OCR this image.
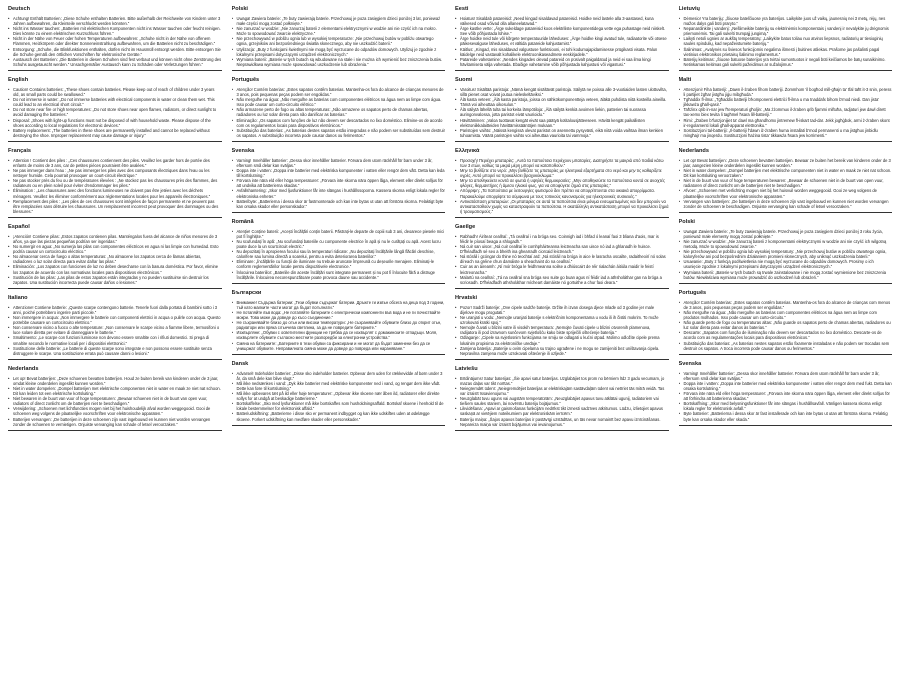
Deutsch
• Achtung! Enthält Batterien: „Diese Schuhe enthalten Batterien. Bitte außerhalb der Reichweite von Kindern unter 3 Jahren aufbewahren, da Kleinteile verschluckt werden könnten.“
• Nicht ins Wasser tauchen: „Batterien mit elektrischen Komponenten nicht ins Wasser tauchen oder feucht reinigen. Dies könnte zu einem elektrischen Kurzschluss führen.“
• Nicht in der Nähe von Feuer oder hohen Temperaturen aufbewahren: „Schuhe nicht in der Nähe von offenem Flammen, Heizkörpern oder direkter Sonneneinstrahlung aufbewahren, um die Batterien nicht zu beschädigen.“
• Entsorgung: „Schuhe, die Blinkfunktionen enthalten, dürfen nicht im Hausmüll entsorgt werden. Bitte entsorgen Sie die Schuhe gemäß den örtlichen Vorschriften für elektronische Geräte.“
• Austausch der Batterien: „Die Batterien in diesen Schuhen sind fest verbaut und können nicht ohne Zerstörung des Schuhs ausgetauscht werden.“ Unsachgemäßer Austausch kann zu Schäden oder Verletzungen führen.“
English
• Caution! Contains batteries: „These shoes contain batteries. Please keep out of reach of children under 3 years old, as small parts could be swallowed.“
• Do not immerse in water: „Do not immerse batteries with electrical components in water or clean them wet. This could lead to an electrical short circuit.“
• Do not store near fire or high temperatures: „Do not store shoes near open flames, radiators, or direct sunlight to avoid damaging the batteries.“
• Disposal: „Shoes with light-up functions must not be disposed of with household waste. Please dispose of the shoes according to local regulations for electronic devices.“
• Battery replacement: „The batteries in these shoes are permanently installed and cannot be replaced without destroying the shoe. Improper replacement may cause damage or injury.“
Français
• Attention ! Contient des piles : „Ces chaussures contiennent des piles. Veuillez les garder hors de portée des enfants de moins de 3 ans, car de petites pièces pourraient être avalées.“
• Ne pas immerger dans l'eau : „Ne pas immerger les piles avec des composants électriques dans l'eau ou les nettoyer humide. Cela pourrait provoquer un court-circuit électrique.“
• Ne pas stocker près du feu ou de températures élevées : „Ne stockez pas les chaussures près des flammes, des radiateurs ou en plein soleil pour éviter d'endommager les piles.“
• Élimination : „Les chaussures avec des fonctions lumineuses ne doivent pas être jetées avec les déchets ménagers. Veuillez les éliminer conformément aux réglementations locales pour les appareils électroniques.“
• Remplacement des piles : „Les piles de ces chaussures sont intégrées de façon permanente et ne peuvent pas être remplacées sans détruire les chaussures. Un remplacement incorrect peut provoquer des dommages ou des blessures.“
Español
• ¡Atención! Contiene pilas: „Estos zapatos contienen pilas. Manténgalos fuera del alcance de niños menores de 3 años, ya que las piezas pequeñas podrían ser ingeridas.“
• No sumergir en agua: „No sumerja las pilas con componentes eléctricos en agua ni las limpie con humedad. Esto podría causar un cortocircuito eléctrico.“
• No almacenar cerca de fuego o altas temperaturas: „No almacene los zapatos cerca de llamas abiertas, radiadores o luz solar directa para evitar dañar las pilas.“
• Eliminación: „Los zapatos con funciones de luz no deben desecharse con la basura doméstica. Por favor, elimine los zapatos de acuerdo con las normativas locales para dispositivos electrónicos.“
• Sustitución de las pilas: „Las pilas de estos zapatos están integradas y no pueden sustituirse sin destruir los zapatos. Una sustitución incorrecta puede causar daños o lesiones.“
Italiano
• Attenzione! Contiene batterie: „Queste scarpe contengono batterie. Tenerle fuori dalla portata di bambini sotto i 3 anni, poiché potrebbero ingerire parti piccole.“
• Non immergere in acqua: „Non immergere le batterie con componenti elettrici in acqua o pulirle con acqua. Questo potrebbe causare un cortocircuito elettrico.“
• Non conservare vicino a fuoco o alte temperature: „Non conservare le scarpe vicino a fiamme libere, termosifoni o luce solare diretta per evitare di danneggiare le batterie.“
• Smaltimento: „Le scarpe con funzioni luminose non devono essere smaltite con i rifiuti domestici. Si prega di smaltire secondo le normative locali per i dispositivi elettronici.“
• Sostituzione delle batterie: „Le batterie di queste scarpe sono integrate e non possono essere sostituite senza distruggere le scarpe. Una sostituzione errata può causare danni o lesioni.“
Nederlands
• Let op! Bevat batterijen: „Deze schoenen bevatten batterijen. Houd ze buiten bereik van kinderen onder de 3 jaar, omdat kleine onderdelen ingeslikt kunnen worden.“
• Niet in water dompelen: „Dompel batterijen met elektrische componenten niet in water en maak ze niet nat schoon. Dit kan leiden tot een elektrische kortsluiting.“
• Niet bewaren in de buurt van vuur of hoge temperaturen: „Bewaar schoenen niet in de buurt van open vuur, radiators of direct zonlicht om de batterijen niet te beschadigen.“
• Verwijdering: „Schoenen met lichtfuncties mogen niet bij het huishoudelijk afval worden weggegooid. Gooi de schoenen weg volgens de plaatselijke voorschriften voor elektronische apparaten.“
• Batterijen vervangen: „De batterijen in deze schoenen zijn vast ingebouwd en kunnen niet worden vervangen zonder de schoenen te vernietigen. Onjuiste vervanging kan schade of letsel veroorzaken.“
Polski
• Uwaga! Zawiera baterie: „Te buty zawierają baterie. Przechowuj je poza zasięgiem dzieci poniżej 3 lat, ponieważ małe części mogą zostać połknięte.“
• Nie zanurzać w wodzie: „Nie zanurzaj baterii z elementami elektrycznymi w wodzie ani nie czyść ich na mokro. Może to spowodować zwarcie elektryczne.“
• Nie przechowywać w pobliżu ognia lub w wysokiej temperaturze: „Nie przechowuj butów w pobliżu otwartego ognia, grzejników ani bezpośredniego światła słonecznego, aby nie uszkodzić baterii.“
• Utylizacja: „Buty z funkcjami świetlnymi nie mogą być wyrzucane do odpadów domowych. Utylizuj je zgodnie z lokalnymi przepisami dotyczącymi urządzeń elektronicznych.“
• Wymiana baterii: „Baterie w tych butach są wbudowane na stałe i nie można ich wymienić bez zniszczenia butów. Nieprawidłowa wymiana może spowodować uszkodzenie lub obrażenia.“
Português
• Atenção! Contém baterias: „Estes sapatos contêm baterias. Mantenha-os fora do alcance de crianças menores de 3 anos, pois pequenas peças podem ser engolidas.“
• Não mergulhe na água: „Não mergulhe as baterias com componentes elétricos na água nem as limpe com água. Isso pode causar um curto-circuito elétrico.“
• Não armazene perto de fogo ou altas temperaturas: „Não armazene os sapatos perto de chamas abertas, radiadores ou luz solar direta para não danificar as baterias.“
• Eliminação: „Os sapatos com funções de luz não devem ser descartados no lixo doméstico. Elimine-os de acordo com os regulamentos locais para dispositivos eletrónicos.“
• Substituição das baterias: „As baterias destes sapatos estão integradas e não podem ser substituídas sem destruir os sapatos. A substituição incorreta pode causar danos ou ferimentos.“
Svenska
• Varning! Innehåller batterier: „Dessa skor innehåller batterier. Förvara dem utom räckhåll för barn under 3 år, eftersom små delar kan sväljas.“
• Doppa inte i vatten: „Doppa inte batterier med elektriska komponenter i vatten eller rengör dem vått. Detta kan leda till kortslutning.“
• Förvara inte nära eld eller höga temperaturer: „Förvara inte skorna nära öppen låga, element eller direkt solljus för att undvika att batterierna skadas.“
• Avfallshantering: „Skor med ljusfunktioner får inte slängas i hushållssoporna. Kassera skorna enligt lokala regler för elektroniska enheter.“
• Batteribyte: „Batterierna i dessa skor är fastmonterade och kan inte bytas ut utan att förstöra skorna. Felaktigt byte kan orsaka skador eller personskador.“
Română
• Atenție! Conține baterii: „Acești încălțări conțin baterii. Păstrați-le departe de copiii sub 3 ani, deoarece piesele mici pot fi înghițite.“
• Nu scufundați în apă: „Nu scufundați bateriile cu componente electrice în apă și nu le curățați cu apă. Acest lucru poate duce la un scurtcircuit electric.“
• Nu depozitați în apropierea focului sau la temperaturi ridicate: „Nu depozitați încălțările lângă flăcări deschise, calorifere sau lumina directă a soarelui, pentru a evita deteriorarea bateriilor.“
• Eliminare: „Încălțările cu funcții de iluminare nu trebuie aruncate împreună cu deșeurile menajere. Eliminați-le conform reglementărilor locale pentru dispozitivele electronice.“
• Înlocuirea bateriilor: „Bateriile din aceste încălțări sunt integrate permanent și nu pot fi înlocuite fără a distruge încălțările. Înlocuirea necorespunzătoare poate provoca daune sau accidente.“
Български
• Внимание! Съдържа батерии: „Тези обувки съдържат батерии. Дръжте ги извън обсега на деца под 3 години, тъй като малките части могат да бъдат погълнати.“
• Не потапяйте във вода: „Не потапяйте батериите с електрически компоненти във вода и не ги почиствайте мокри. Това може да доведе до късо съединение.“
• Не съхранявайте близо до огън или високи температури: „Не съхранявайте обувките близо до открит огън, радиатори или пряка слънчева светлина, за да не повредите батериите.“
• Изхвърляне: „Обувки с осветителни функции не трябва да се изхвърлят с домакинските отпадъци. Моля, изхвърлете обувките съгласно местните разпоредби за електронни устройства.“
• Смяна на батериите: „Батериите в тези обувки са фиксирани и не могат да бъдат заменени без да се унищожат обувките. Неправилната смяна може да доведе до повреда или нараняване.“
Dansk
• Advarsel! Indeholder batterier: „Disse sko indeholder batterier. Opbevar dem uden for rækkevidde af børn under 3 år, da små dele kan blive slugt.“
• Må ikke nedsænkes i vand: „Dyk ikke batterier med elektriske komponenter ned i vand, og rengør dem ikke vådt. Dette kan føre til kortslutning.“
• Må ikke opbevares tæt på ild eller høje temperaturer: „Opbevar ikke skoene nær åben ild, radiatorer eller direkte sollys for at undgå at beskadige batterierne.“
• Bortskaffelse: „Sko med lysfunktioner må ikke bortskaffes som husholdningsaffald. Bortskaf skoene i henhold til de lokale bestemmelser for elektronisk affald.“
• Batteriudskiftning: „Batterierne i disse sko er permanent indbygget og kan ikke udskiftes uden at ødelægge skoene. Forkert udskiftning kan medføre skader eller personskader.“
Eesti
• Hoiatus! Sisaldab patareisid: „Need kingad sisaldavad patareisid. Hoidke neid lastele alla 3-aastased, kuna väikesed osad võivad olla allaneelatavad.“
• Ärge kastke vette: „Ärge sukeldage patareisid koos elektriliste komponentidega vette ega puhastage neid niiskelt. See võib põhjustada lühise.“
• Ärge hoidke neid tule või kõrgete temperatuuride läheduses: „Ärge hoidke kingi avatud tule, radiaatorite või otsese päikesevalguse läheduses, et vältida patareide kahjustamist.“
• Käitlus: „Kingad, mis sisaldavad valgustuse funktsiooni, ei tohi kodumajapidamisesse prügikasti visata. Palun käidelge neid vastavalt kohalikele elektroonikaseadmete eeskirjadele.“
• Patareide vahetamine: „Nendes kingades olevad patareid on püsivalt paigaldatud ja neid ei saa ilma kingi hävitamiseta välja vahetada. Ebaõige vahetamine võib põhjustada kahjustusi või vigastusi.“
Suomi
• Varoitus! Sisältää paristoja: „Nämä kengät sisältävät paristoja. Säilytä ne poissa alle 3-vuotiaiden lasten ulottuvilta, sillä pienet osat voivat joutua nieleskeltäviksi.“
• Älä kasta veteen: „Älä kasta paristoja, joissa on sähkökomponentteja veteen, äläkä puhdista niitä kosteilla aineilla. Tämä voi aiheuttaa oikosulun.“
• Älä säilytä lähellä tulta tai korkeita lämpötiloja: „Älä säilytä kenkiä avoimen liekin, patterien tai suorassa auringonvalossa, jotta paristot eivät vaurioidu.“
• Hävittäminen: „Valoa tuottavat kengät eivät saa päätyä kotitalousjätteeseen. Hävitä kengät paikallisten elektroniikkalaitteiden hävittämissääntöjen mukaan.“
• Paristojen vaihto: „Näissä kengissä olevat paristot on asennettu pysyvästi, eikä niitä voida vaihtaa ilman kenkien tuhoamista. Väärä paristojen vaihto voi aiheuttaa vaurioita tai vammoja.“
Ελληνικά
• Προσοχή! Περιέχει μπαταρίες: „Αυτά τα παπούτσια περιέχουν μπαταρίες. Διατηρήστε τα μακριά από παιδιά κάτω των 3 ετών, καθώς τα μικρά μέρη μπορεί να καταποθούν.“
• Μην τα βυθίζετε στο νερό: „Μην βυθίζετε τις μπαταρίες με ηλεκτρικά εξαρτήματα στο νερό και μην τις καθαρίζετε υγρές. Αυτό μπορεί να προκαλέσει βραχυκύκλωμα.“
• Μην τα αποθηκεύετε κοντά σε φωτιά ή υψηλές θερμοκρασίες: „Μην αποθηκεύετε τα παπούτσια κοντά σε ανοιχτές φλόγες, θερμαντήρες ή άμεσο ηλιακό φως, για να αποφύγετε ζημιά στις μπαταρίες.“
• Απόρριψη: „Τα παπούτσια με λειτουργίες φωτισμού δεν πρέπει να απορρίπτονται στα οικιακά απορρίμματα. Παρακαλούμε απορρίψτε τα σύμφωνα με τους τοπικούς κανονισμούς για ηλεκτρονικές συσκευές.“
• Αντικατάσταση μπαταριών: „Οι μπαταρίες σε αυτά τα παπούτσια είναι μόνιμα ενσωματωμένες και δεν μπορούν να αντικατασταθούν χωρίς να καταστραφούν τα παπούτσια. Η ακατάλληλη αντικατάσταση μπορεί να προκαλέσει ζημιά ή τραυματισμούς.“
Gaeilge
• Rabhadh! Áirítear ceallraí: „Tá ceallraí i na bróga seo. Coinnigh iad i bhfad ó leanaí faoi 3 bliana d'aois, mar is féidir le píosaí beaga a shlogadh.“
• Ná cuir san uisce: „Ná cuir ceallraí le comhpháirteanna leictreacha san uisce nó iad a ghlanadh le huisce. D'fhéadfadh sé seo a bheith ina ghearradh ciorcaid leictreach.“
• Ná stóráil i gcóngar do thine nó teochtaí ard: „Ná stóráil na bróga in aice le lasracha oscailte, radaitheoirí nó solas díreach na gréine chun damáiste a sheachaint do na ceallraí.“
• Cuir as an áireamh: „Ní mór bróga le feidhmeanna soilse a dhiúscairt de réir rialachán áitiúla maidir le feistí leictreonacha.“
• Malartú na ceallraí: „Tá na ceallraí sna bróga seo suite go buan agus ní féidir iad a athsholáthar gan na bróga a scriosadh. D'fhéadfadh athsholáthar mícheart damáiste nó gortuithe a chur faoi deara.“
Hrvatski
• Pozor! Sadrži baterije: „Ove cipele sadrže baterije. Držite ih izvan dosega djece mlađe od 3 godine jer male dijelove mogu progutati.“
• Ne uranjati u vodu: „Nemojte uranjati baterije s električnim komponentama u vodu ili ih čistiti mokrim. To može uzrokovati kratki spoj.“
• Nemojte čuvati u blizini vatre ili visokih temperatura: „Nemojte čuvati cipele u blizini otvorenih plamenova, radijatora ili pod izravnom sunčevom svjetlošću kako biste spriječili oštećenje baterija.“
• Odlaganje: „Cipele sa svjetlosnim funkcijama ne smiju se odlagati u kućni otpad. Molimo odložite cipele prema lokalnim propisima za elektroničke uređaje.“
• Zamjena baterija: „Baterije u ovim cipelama su trajno ugrađene i ne mogu se zamijeniti bez uništavanja cipela. Nepravilna zamjena može uzrokovati oštećenje ili ozljede.“
Latviešu
• Brīdinājums! Satur baterijas: „Šie apavi satur baterijas. Uzglabājiet tos prom no bērniem līdz 3 gadu vecumam, jo mazas daļas var tikt norītas.“
• Neiegremdēt ūdenī: „Neiegremdējiet baterijas ar elektriskajām sastāvdaļām ūdenī vai netīriet tās mitrā veidā. Tas var izraisīt īssavienojumu.“
• Neuzglabāt tuvu uguns vai augstām temperatūrām: „Neuzglabājiet apavus tuvu atklātai ugunij, radiatoriem vai tiešiem saules stariem, lai novērstu bateriju bojājumus.“
• Likvidēšana: „Apavi ar gaismošanas funkcijām nedrīkst tikt izmesti sadzīves atkritumos. Lūdzu, izlietojiet apavus saskaņā ar vietējiem noteikumiem par elektroniskām ierīcēm.“
• Bateriju maiņa: „Šajos apavos baterijas ir pastāvīgi uzstādītas, un tās nevar nomainīt bez apavu iznīcināšanas. Nepareiza maiņa var izraisīt bojājumus vai ievainojumus.“
Lietuvių
• Dėmesio! Yra baterijų: „Šiuose batelčiuose yra baterijos. Laikykite juos už vaikų, jaunesnių nei 3 metų, rėjų, nes mažos dalys gali būti praryto.“
• Nepanardinkite į vandenį: „Nešlimeikite baterijų su elektrinėmis komponentais į vandenį ir nevalykite jų drėgnomis priemonėmis. Tai gali sukelti trumpąjį jungimą.“
• Laikyti netoli ugnies ar aukštų temperatūrų: „Laikykite batus toliau nuo atviros liepsnos, radiatorių ar tiesioginių saulės spindulių, kad nepažeistumėte baterijų.“
• Šalinimas: „Avalynės su šviesos funkcijomis negalima išmesti į buitines atliekas. Prašome jas pašalinti pagal vietinius elektronikos prietaisų šalinimo reglamentus.“
• Baterijų keitimas: „Šiuose batuose baterijos yra tvirtai sumontuotos ir negali būti keičiamos be batų sunaikinimo. Netinkamas keitimas gali sukelti pažeidimus ar sužalojimus.“
Malti
• Attenzjoni! Fiha batteriji: „Dawn il-żraben fihom batteriji. Żommhom 'il bogħod mill-għajn ta' tfal taħt it-3 snin, peress li partijiet żgħar jistgħu jiġu mibgħuda.“
• Tgħaddix fl-ilma: „Tgħaddix batteriji b'komponenti elettriċi fl-ilma u ma tnaddafx bihom b'mod niedi. Dan jista' jikkawża għall-qasir.“
• Taħżinx qrib in-nar jew f'temperaturi għoljin: „Ma żżommux il-żraben qrib fjammi miftuħa, radjaturi jew dawl dirett tax-xemx biex tevita li tagħmel ħsara lill-batteriji.“
• Rimi: „Żraben b'funzjonijiet ta' dawl ma għandhomx jintremew fl-iskart tad-dar. Jekk jogħġbok, armi ż-żraben skont ir-regolamenti lokali għall-apparat elettroniku.“
• Sostituzzjoni tal-batteriji: „Il-batteriji f'dawn iż-żraben huma installati b'mod permanenti u ma jistgħux jinbidlu mingħajr ma jinqerdu. Sostituzzjoni ħażina tista' tikkawża ħsara jew korrimenti.“
Nederlands
• Let op! Bevat batterijen: „Deze schoenen bevatten batterijen. Bewaar ze buiten het bereik van kinderen onder de 3 jaar, aangezien kleine onderdelen ingeslikt kunnen worden.“
• Niet in water dompelen: „Dompel batterijen met elektrische componenten niet in water en maak ze niet nat schoon. Dit kan kortsluiting veroorzaken.“
• Niet in de buurt van vuur of hoge temperaturen bewaren: „Bewaar de schoenen niet in de buurt van open vuur, radiatoren of direct zonlicht om de batterijen niet te beschadigen.“
• Afvoer: „Schoenen met verlichting mogen niet bij het huisvuil worden weggegooid. Gooi ze weg volgens de plaatselijke voorschriften voor elektronische apparaten.“
• Vervangen van batterijen: „De batterijen in deze schoenen zijn vast ingebouwd en kunnen niet worden vervangen zonder de schoenen te beschadigen. Onjuiste vervanging kan schade of letsel veroorzaken.“
Polski
• Uwaga! Zawiera baterie: „Te buty zawierają baterie. Przechowuj je poza zasięgiem dzieci poniżej 3 roku życia, ponieważ małe elementy mogą zostać połknięte.“
• Nie zanurzać w wodzie: „Nie zanurzaj baterii z komponentami elektrycznymi w wodzie ani nie czyść ich wilgotną metodą. Może to spowodować zwarcie.“
• Nie przechowywać w pobliżu ognia lub wysokiej temperatury: „Nie przechowuj butów w pobliżu otwartego ognia, kaloryferów ani pod bezpośrednim działaniem promieni słonecznych, aby uniknąć uszkodzenia baterii.“
• Usuwanie: „Buty z funkcją podświetlenia nie mogą być wyrzucane do odpadów domowych. Prosimy o ich usunięcie zgodnie z lokalnymi przepisami dotyczącymi urządzeń elektronicznych.“
• Wymiana baterii: „Baterie w tych butach są trwale zainstalowane i nie mogą zostać wymienione bez zniszczenia butów. Niewłaściwa wymiana może prowadzić do uszkodzeń lub obrażeń.“
Português
• Atenção! Contém baterias: „Estes sapatos contêm baterias. Mantenha-os fora do alcance de crianças com menos de 3 anos, pois pequenas peças podem ser engolidas.“
• Não mergulhe na água: „Não mergulhe as baterias com componentes elétricos na água nem as limpe com produtos molhados. Isso pode causar um curto-circuito.“
• Não guarde perto de fogo ou temperaturas altas: „Não guarde os sapatos perto de chamas abertas, radiadores ou luz solar direta para evitar danos às baterias.“
• Descarte: „Sapatos com função de iluminação não devem ser descartados no lixo doméstico. Descarte-os de acordo com as regulamentações locais para dispositivos eletrónicos.“
• Substituição das baterias: „As baterias nestes sapatos estão fixamente instaladas e não podem ser trocadas sem destruir os sapatos. A troca incorreta pode causar danos ou ferimentos.“
Svenska
• Varning! Innehåller batterier: „Dessa skor innehåller batterier. Förvara dem utom räckhåll för barn under 3 år, eftersom små delar kan sväljas.“
• Doppa inte i vatten: „Doppa inte batterier med elektriska komponenter i vatten eller rengör dem med fukt. Detta kan orsaka kortslutning.“
• Förvara inte nära eld eller höga temperaturer: „Förvara inte skorna nära öppen låga, element eller direkt solljus för att förhindra att batterierna skadas.“
• Bortskaffning: „Skor med belysningsfunktioner får inte slängas i hushållsavfall. Vänligen kassera skorna enligt lokala regler för elektronisk avfall.“
• Byte batterier: „Batterierna i dessa skor är fast installerade och kan inte bytas ut utan att förstöra skorna. Felaktig byte kan orsaka skador eller skada.“
